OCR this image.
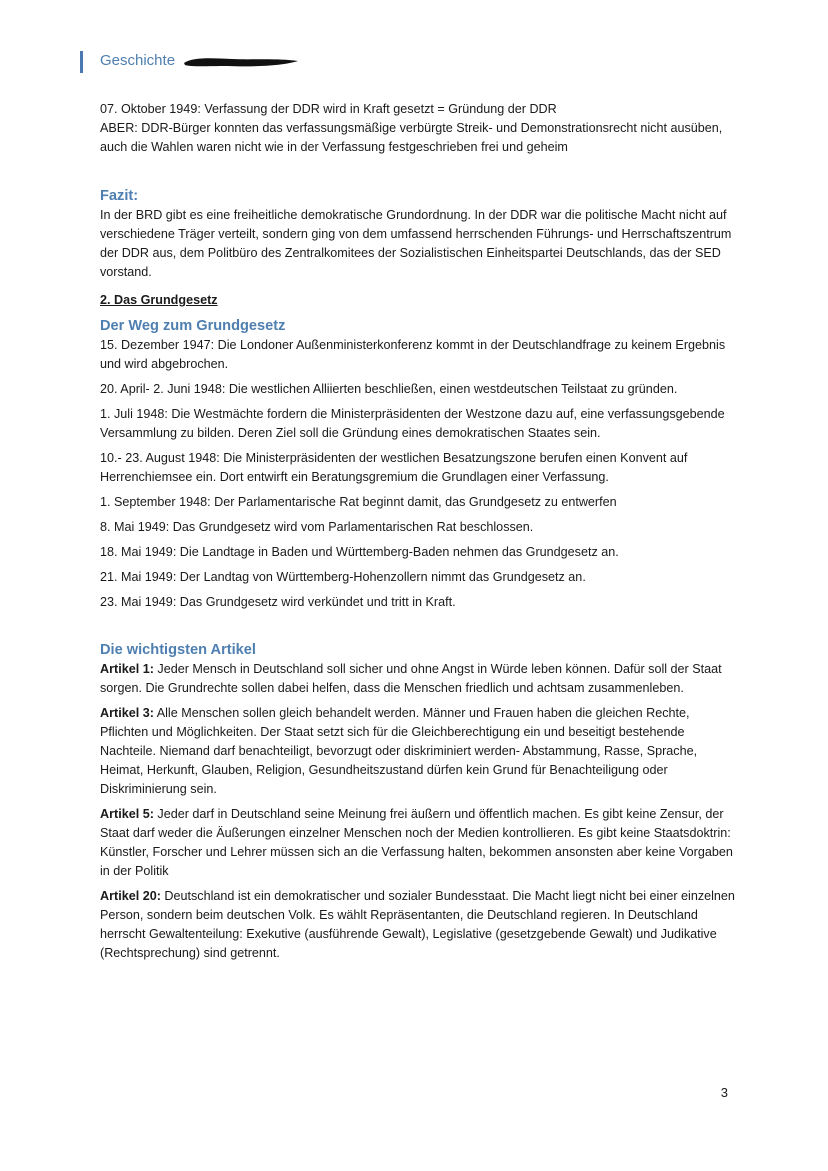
Geschichte

07. Oktober 1949: Verfassung der DDR wird in Kraft gesetzt = Gründung der DDR

ABER: DDR-Bürger konnten das verfassungsmäßige verbürgte Streik- und Demonstrationsrecht nicht ausüben, auch die Wahlen waren nicht wie in der Verfassung festgeschrieben frei und geheim

Fazit:

In der BRD gibt es eine freiheitliche demokratische Grundordnung. In der DDR war die politische Macht nicht auf verschiedene Träger verteilt, sondern ging von dem umfassend herrschenden Führungs- und Herrschaftszentrum der DDR aus, dem Politbüro des Zentralkomitees der Sozialistischen Einheitspartei Deutschlands, das der SED vorstand.

2. Das Grundgesetz

Der Weg zum Grundgesetz

15. Dezember 1947: Die Londoner Außenministerkonferenz kommt in der Deutschlandfrage zu keinem Ergebnis und wird abgebrochen.

20. April- 2. Juni 1948: Die westlichen Alliierten beschließen, einen westdeutschen Teilstaat zu gründen.

1. Juli 1948: Die Westmächte fordern die Ministerpräsidenten der Westzone dazu auf, eine verfassungsgebende Versammlung zu bilden. Deren Ziel soll die Gründung eines demokratischen Staates sein.

10.- 23. August 1948: Die Ministerpräsidenten der westlichen Besatzungszone berufen einen Konvent auf Herrenchiemsee ein. Dort entwirft ein Beratungsgremium die Grundlagen einer Verfassung.

1. September 1948: Der Parlamentarische Rat beginnt damit, das Grundgesetz zu entwerfen

8. Mai 1949: Das Grundgesetz wird vom Parlamentarischen Rat beschlossen.

18. Mai 1949: Die Landtage in Baden und Württemberg-Baden nehmen das Grundgesetz an.

21. Mai 1949: Der Landtag von Württemberg-Hohenzollern nimmt das Grundgesetz an.

23. Mai 1949: Das Grundgesetz wird verkündet und tritt in Kraft.

Die wichtigsten Artikel

Artikel 1: Jeder Mensch in Deutschland soll sicher und ohne Angst in Würde leben können. Dafür soll der Staat sorgen. Die Grundrechte sollen dabei helfen, dass die Menschen friedlich und achtsam zusammenleben.

Artikel 3: Alle Menschen sollen gleich behandelt werden. Männer und Frauen haben die gleichen Rechte, Pflichten und Möglichkeiten. Der Staat setzt sich für die Gleichberechtigung ein und beseitigt bestehende Nachteile. Niemand darf benachteiligt, bevorzugt oder diskriminiert werden- Abstammung, Rasse, Sprache, Heimat, Herkunft, Glauben, Religion, Gesundheitszustand dürfen kein Grund für Benachteiligung oder Diskriminierung sein.

Artikel 5: Jeder darf in Deutschland seine Meinung frei äußern und öffentlich machen. Es gibt keine Zensur, der Staat darf weder die Äußerungen einzelner Menschen noch der Medien kontrollieren. Es gibt keine Staatsdoktrin: Künstler, Forscher und Lehrer müssen sich an die Verfassung halten, bekommen ansonsten aber keine Vorgaben in der Politik

Artikel 20: Deutschland ist ein demokratischer und sozialer Bundesstaat. Die Macht liegt nicht bei einer einzelnen Person, sondern beim deutschen Volk. Es wählt Repräsentanten, die Deutschland regieren. In Deutschland herrscht Gewaltenteilung: Exekutive (ausführende Gewalt), Legislative (gesetzgebende Gewalt) und Judikative (Rechtsprechung) sind getrennt.

3
